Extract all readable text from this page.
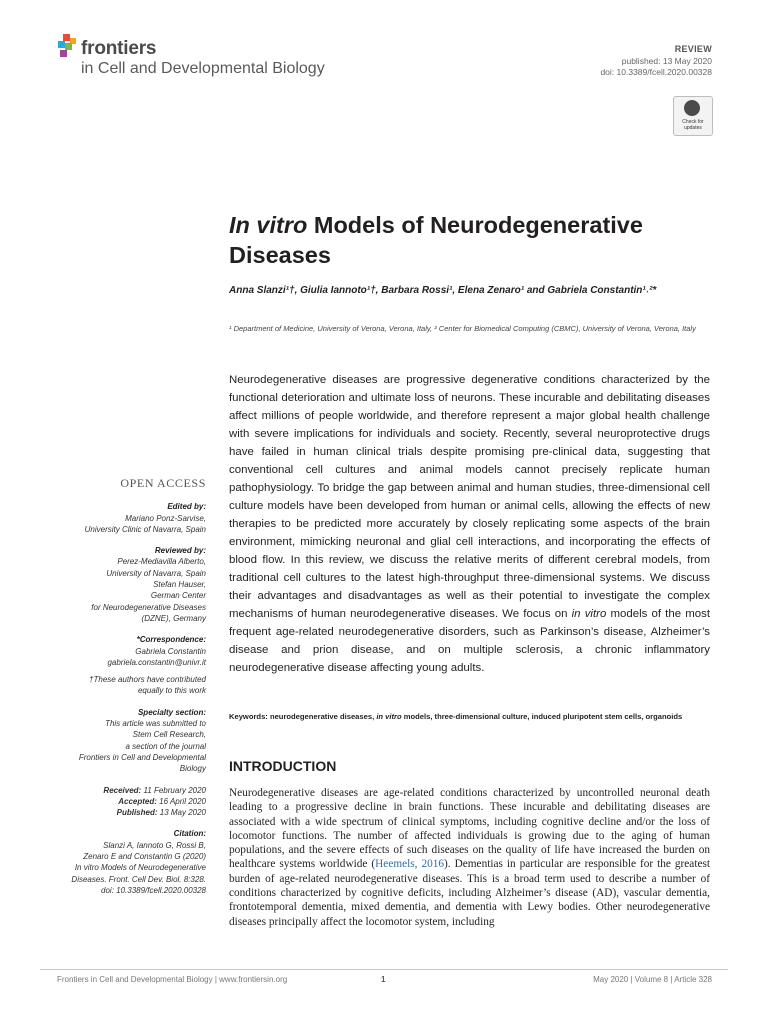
frontiers
in Cell and Developmental Biology
REVIEW
published: 13 May 2020
doi: 10.3389/fcell.2020.00328
Check for updates
In vitro Models of Neurodegenerative Diseases
Anna Slanzi¹†, Giulia Iannoto¹†, Barbara Rossi¹, Elena Zenaro¹ and Gabriela Constantin¹˒²*
¹ Department of Medicine, University of Verona, Verona, Italy, ² Center for Biomedical Computing (CBMC), University of Verona, Verona, Italy
OPEN ACCESS
Edited by:
Mariano Ponz-Sarvise,
University Clinic of Navarra, Spain
Reviewed by:
Perez-Mediavilla Alberto,
University of Navarra, Spain
Stefan Hauser,
German Center
for Neurodegenerative Diseases
(DZNE), Germany
*Correspondence:
Gabriela Constantin
gabriela.constantin@univr.it
†These authors have contributed
equally to this work
Specialty section:
This article was submitted to
Stem Cell Research,
a section of the journal
Frontiers in Cell and Developmental
Biology
Received: 11 February 2020
Accepted: 16 April 2020
Published: 13 May 2020
Citation:
Slanzi A, Iannoto G, Rossi B,
Zenaro E and Constantin G (2020)
In vitro Models of Neurodegenerative
Diseases. Front. Cell Dev. Biol. 8:328.
doi: 10.3389/fcell.2020.00328
Neurodegenerative diseases are progressive degenerative conditions characterized by the functional deterioration and ultimate loss of neurons. These incurable and debilitating diseases affect millions of people worldwide, and therefore represent a major global health challenge with severe implications for individuals and society. Recently, several neuroprotective drugs have failed in human clinical trials despite promising pre-clinical data, suggesting that conventional cell cultures and animal models cannot precisely replicate human pathophysiology. To bridge the gap between animal and human studies, three-dimensional cell culture models have been developed from human or animal cells, allowing the effects of new therapies to be predicted more accurately by closely replicating some aspects of the brain environment, mimicking neuronal and glial cell interactions, and incorporating the effects of blood flow. In this review, we discuss the relative merits of different cerebral models, from traditional cell cultures to the latest high-throughput three-dimensional systems. We discuss their advantages and disadvantages as well as their potential to investigate the complex mechanisms of human neurodegenerative diseases. We focus on in vitro models of the most frequent age-related neurodegenerative disorders, such as Parkinson’s disease, Alzheimer’s disease and prion disease, and on multiple sclerosis, a chronic inflammatory neurodegenerative disease affecting young adults.
Keywords: neurodegenerative diseases, in vitro models, three-dimensional culture, induced pluripotent stem cells, organoids
INTRODUCTION
Neurodegenerative diseases are age-related conditions characterized by uncontrolled neuronal death leading to a progressive decline in brain functions. These incurable and debilitating diseases are associated with a wide spectrum of clinical symptoms, including cognitive decline and/or the loss of locomotor functions. The number of affected individuals is growing due to the aging of human populations, and the severe effects of such diseases on the quality of life have increased the burden on healthcare systems worldwide (Heemels, 2016). Dementias in particular are responsible for the greatest burden of age-related neurodegenerative diseases. This is a broad term used to describe a number of conditions characterized by cognitive deficits, including Alzheimer’s disease (AD), vascular dementia, frontotemporal dementia, mixed dementia, and dementia with Lewy bodies. Other neurodegenerative diseases principally affect the locomotor system, including
Frontiers in Cell and Developmental Biology | www.frontiersin.org	1	May 2020 | Volume 8 | Article 328
